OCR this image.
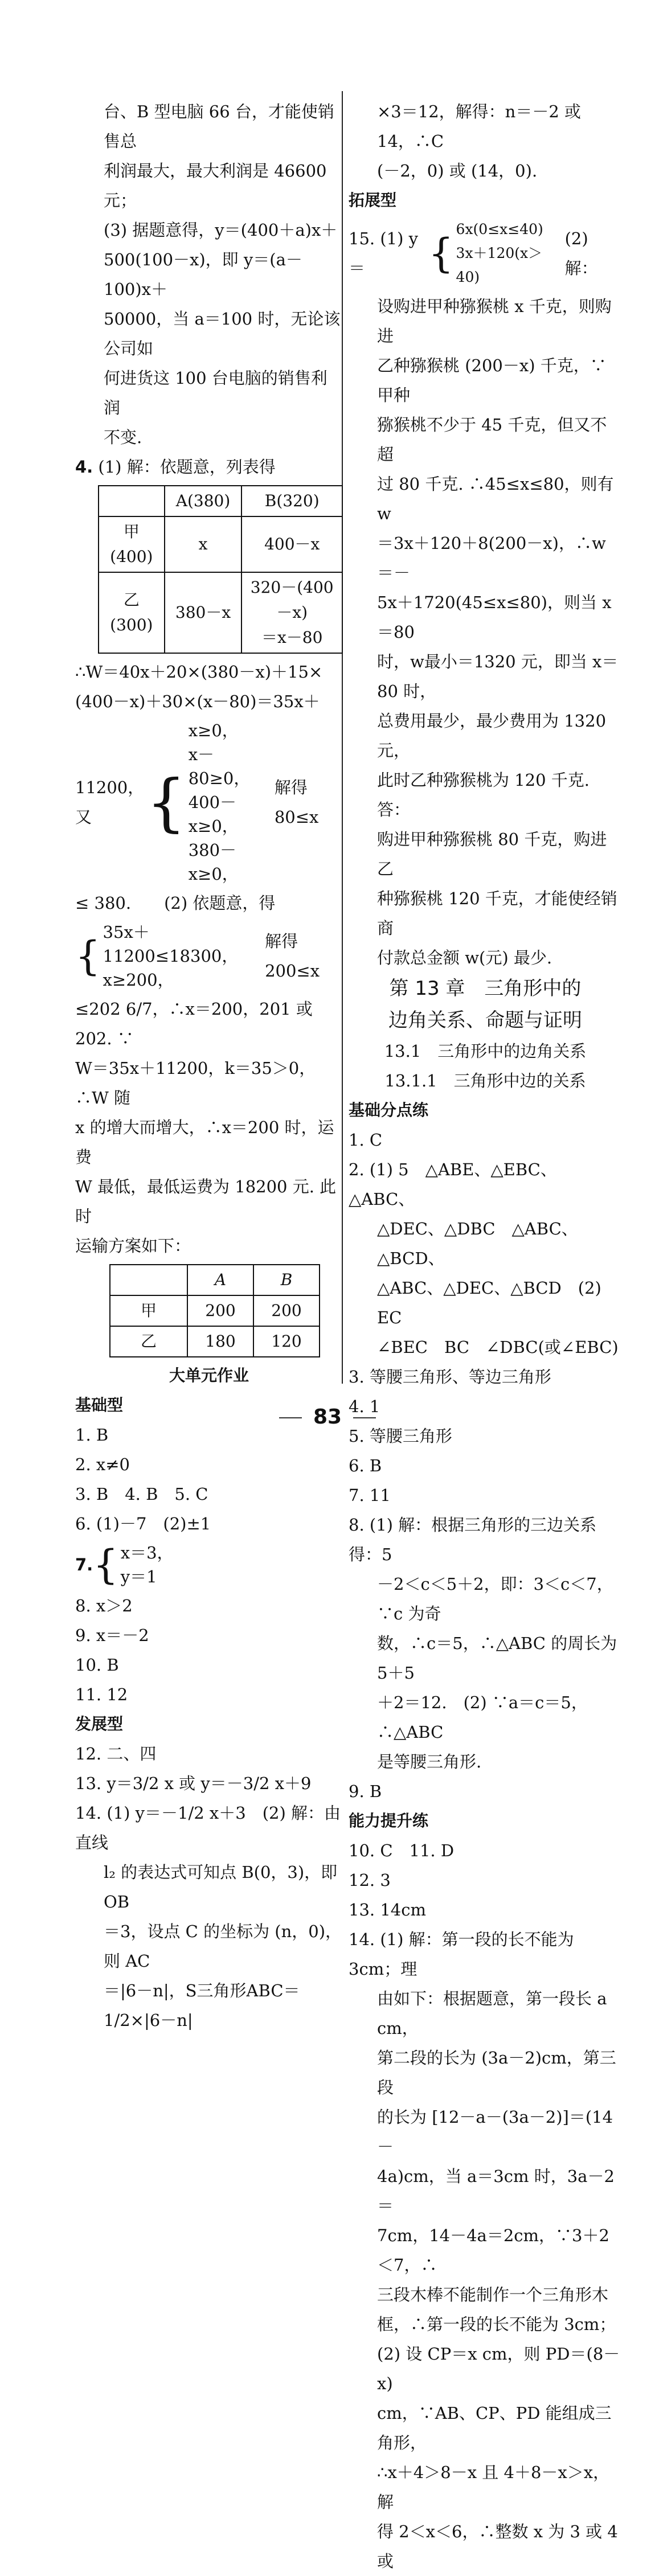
台、B 型电脑 66 台，才能使销售总

利润最大，最大利润是 46600 元；

(3) 据题意得，y＝(400＋a)x＋

500(100－x)，即 y＝(a－100)x＋

50000，当 a＝100 时，无论该公司如

何进货这 100 台电脑的销售利润

不变.

4. (1) 解：依题意，列表得

	A(380)	B(320)
甲(400)	x	400－x
乙(300)	380－x	320－(400－x)
＝x－80

∴W＝40x＋20×(380－x)＋15×

(400－x)＋30×(x－80)＝35x＋

11200，又 {
x≥0，
x－80≥0，
400－x≥0，
380－x≥0，
解得 80≤x

≤ 380.　　(2) 依题意，得

{
35x＋11200≤18300，
x≥200，
解得 200≤x

≤202 6/7，∴x＝200，201 或 202. ∵

W＝35x＋11200，k＝35＞0，∴W 随

x 的增大而增大，∴x＝200 时，运费

W 最低，最低运费为 18200 元. 此时

运输方案如下：

	A	B
甲	200	200
乙	180	120

大单元作业

基础型

1. B

2. x≠0

3. B　4. B　5. C

6. (1)－7　(2)±1

7. { x＝3，
y＝1

8. x＞2

9. x＝－2

10. B

11. 12

发展型

12. 二、四

13. y＝3/2 x 或 y＝－3/2 x＋9

14. (1) y＝－1/2 x＋3　(2) 解：由直线

l₂ 的表达式可知点 B(0，3)，即 OB

＝3，设点 C 的坐标为 (n，0)，则 AC

＝|6－n|，S三角形ABC＝1/2×|6－n|

×3＝12，解得：n＝－2 或 14，∴C

(－2，0) 或 (14，0).

拓展型

15. (1) y＝	{
6x(0≤x≤40)
3x＋120(x＞40)
(2) 解：

设购进甲种猕猴桃 x 千克，则购进

乙种猕猴桃 (200－x) 千克，∵甲种

猕猴桃不少于 45 千克，但又不超

过 80 千克. ∴45≤x≤80，则有 w

＝3x＋120＋8(200－x)，∴w＝－

5x＋1720(45≤x≤80)，则当 x＝80

时，w最小＝1320 元，即当 x＝80 时，

总费用最少，最少费用为 1320 元，

此时乙种猕猴桃为 120 千克. 答：

购进甲种猕猴桃 80 千克，购进乙

种猕猴桃 120 千克，才能使经销商

付款总金额 w(元) 最少.

第 13 章　三角形中的

边角关系、命题与证明

13.1　三角形中的边角关系

13.1.1　三角形中边的关系

基础分点练

1. C

2. (1) 5　△ABE、△EBC、△ABC、

△DEC、△DBC　△ABC、△BCD、

△ABC、△DEC、△BCD　(2) EC

∠BEC　BC　∠DBC(或∠EBC)

3. 等腰三角形、等边三角形

4. 1

5. 等腰三角形

6. B

7. 11

8. (1) 解：根据三角形的三边关系得：5

－2＜c＜5＋2，即：3＜c＜7，∵c 为奇

数，∴c＝5，∴△ABC 的周长为 5＋5

＋2＝12.　(2) ∵a＝c＝5，∴△ABC

是等腰三角形.

9. B

能力提升练

10. C　11. D

12. 3

13. 14cm

14. (1) 解：第一段的长不能为 3cm；理

由如下：根据题意，第一段长 a cm，

第二段的长为 (3a－2)cm，第三段

的长为 [12－a－(3a－2)]＝(14－

4a)cm，当 a＝3cm 时，3a－2＝

7cm，14－4a＝2cm，∵3＋2＜7，∴

三段木棒不能制作一个三角形木

框，∴第一段的长不能为 3cm；

(2) 设 CP＝x cm，则 PD＝(8－x)

cm，∵AB、CP、PD 能组成三角形，

∴x＋4＞8－x 且 4＋8－x＞x，解

得 2＜x＜6，∴整数 x 为 3 或 4 或

83
